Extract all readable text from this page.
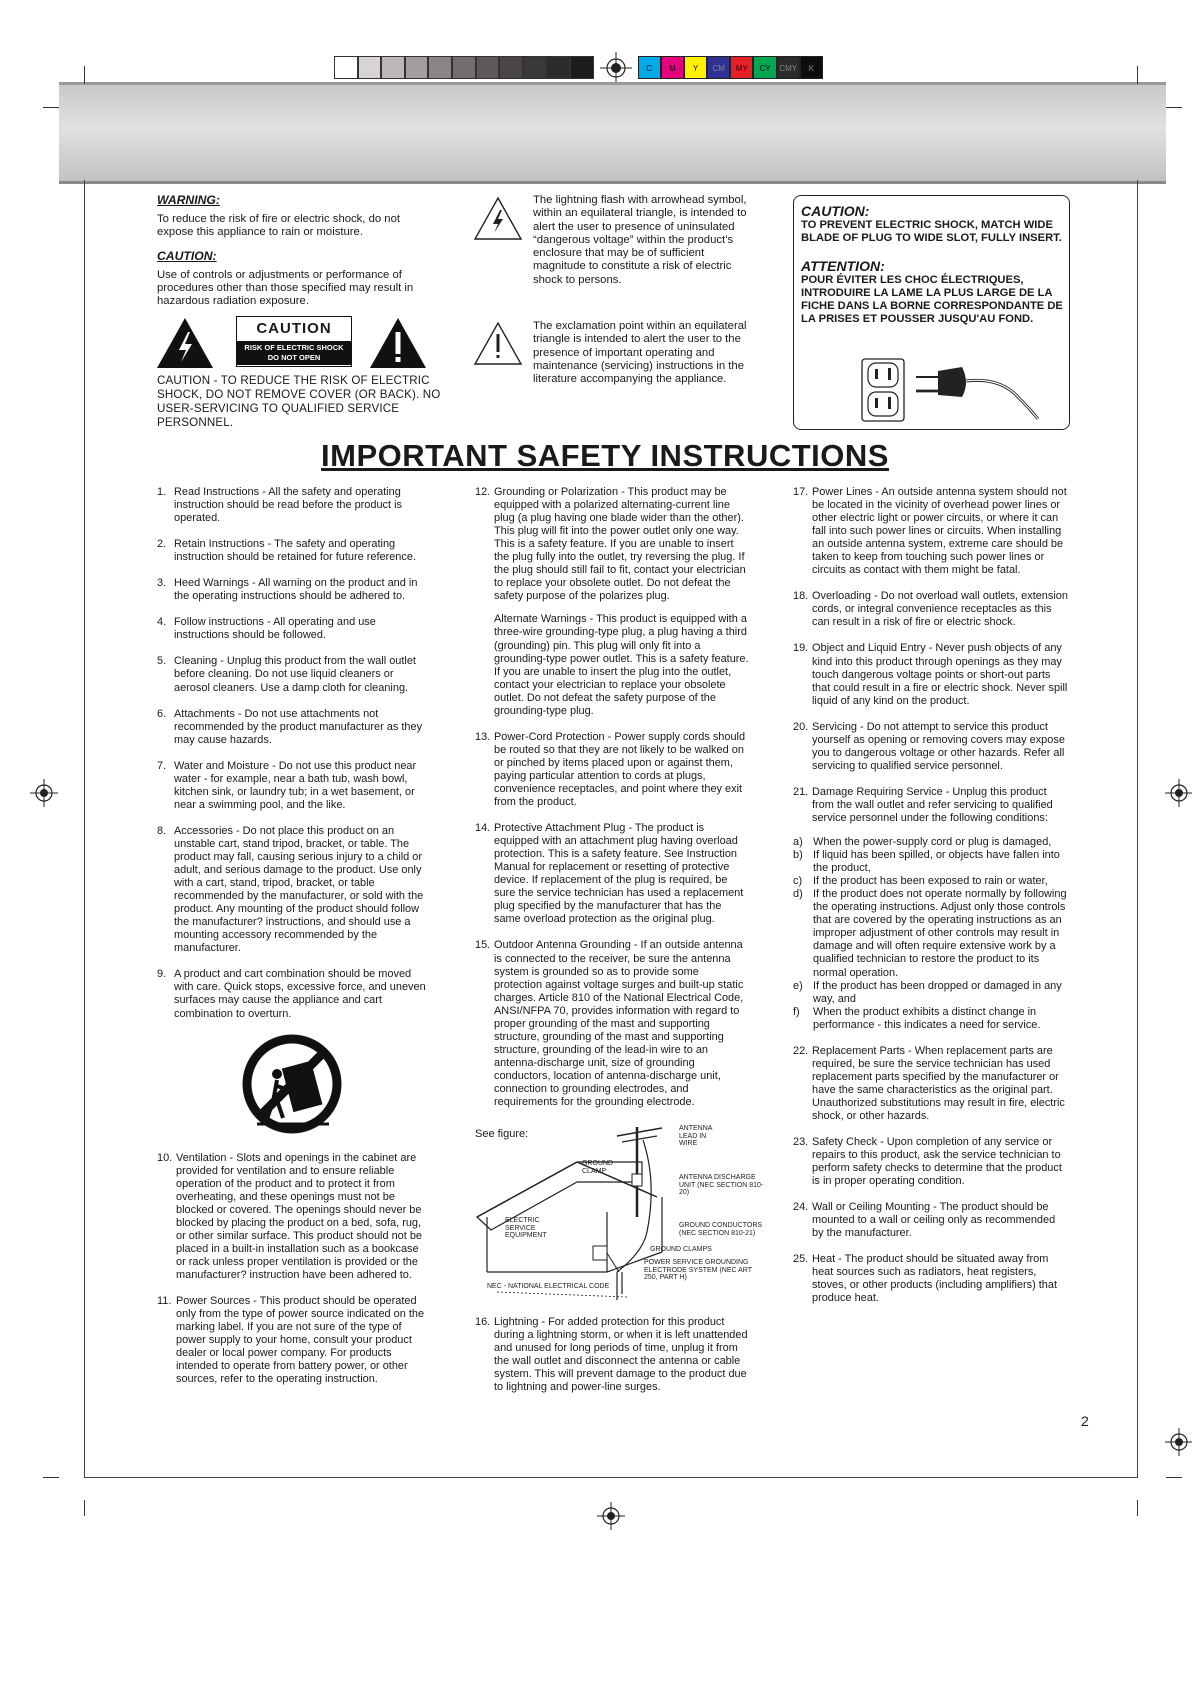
C	M	Y	CM	MY	CY	CMY	K

WARNING:

To reduce the risk of fire or electric shock, do not expose this appliance to rain or moisture.

CAUTION:

Use of controls or adjustments or performance of procedures other than those specified may result in hazardous radiation exposure.

CAUTION
RISK OF ELECTRIC SHOCK
DO NOT OPEN
CAUTION - TO REDUCE THE RISK OF ELECTRIC SHOCK, DO NOT REMOVE COVER (OR BACK). NO USER-SERVICING TO QUALIFIED SERVICE PERSONNEL.
The lightning flash with arrowhead symbol, within an equilateral triangle, is intended to alert the user to presence of uninsulated “dangerous voltage” within the product’s enclosure that may be of sufficient magnitude to constitute a risk of electric shock to persons.
The exclamation point within an equilateral triangle is intended to alert the user to the presence of important operating and maintenance (servicing) instructions in the literature accompanying the appliance.

CAUTION:

TO PREVENT ELECTRIC SHOCK, MATCH WIDE BLADE OF PLUG TO WIDE SLOT, FULLY INSERT.

ATTENTION:

POUR ÉVITER LES CHOC ÉLECTRIQUES, INTRODUIRE LA LAME LA PLUS LARGE DE LA FICHE DANS LA BORNE CORRESPONDANTE DE LA PRISES ET POUSSER JUSQU'AU FOND.

IMPORTANT SAFETY INSTRUCTIONS
1. Read Instructions - All the safety and operating instruction should be read before the product is operated.
2. Retain Instructions - The safety and operating instruction should be retained for future reference.
3. Heed Warnings - All warning on the product and in the operating instructions should be adhered to.
4. Follow instructions - All operating and use instructions should be followed.
5. Cleaning - Unplug this product from the wall outlet before cleaning. Do not use liquid cleaners or aerosol cleaners. Use a damp cloth for cleaning.
6. Attachments - Do not use attachments not recommended by the product manufacturer as they may cause hazards.
7. Water and Moisture - Do not use this product near water - for example, near a bath tub, wash bowl, kitchen sink, or laundry tub; in a wet basement, or near a swimming pool, and the like.
8. Accessories - Do not place this product on an unstable cart, stand tripod, bracket, or table. The product may fall, causing serious injury to a child or adult, and serious damage to the product. Use only with a cart, stand, tripod, bracket, or table recommended by the manufacturer, or sold with the product. Any mounting of the product should follow the manufacturer? instructions, and should use a mounting accessory recommended by the manufacturer.
9. A product and cart combination should be moved with care. Quick stops, excessive force, and uneven surfaces may cause the appliance and cart combination to overturn.
10. Ventilation - Slots and openings in the cabinet are provided for ventilation and to ensure reliable operation of the product and to protect it from overheating, and these openings must not be blocked or covered. The openings should never be blocked by placing the product on a bed, sofa, rug, or other similar surface. This product should not be placed in a built-in installation such as a bookcase or rack unless proper ventilation is provided or the manufacturer? instruction have been adhered to.
11. Power Sources - This product should be operated only from the type of power source indicated on the marking label. If you are not sure of the type of power supply to your home, consult your product dealer or local power company. For products intended to operate from battery power, or other sources, refer to the operating instruction.
12. Grounding or Polarization - This product may be equipped with a polarized alternating-current line plug (a plug having one blade wider than the other). This plug will fit into the power outlet only one way. This is a safety feature. If you are unable to insert the plug fully into the outlet, try reversing the plug. If the plug should still fail to fit, contact your electrician to replace your obsolete outlet. Do not defeat the safety purpose of the polarizes plug.
Alternate Warnings - This product is equipped with a three-wire grounding-type plug, a plug having a third (grounding) pin. This plug will only fit into a grounding-type power outlet. This is a safety feature. If you are unable to insert the plug into the outlet, contact your electrician to replace your obsolete outlet. Do not defeat the safety purpose of the grounding-type plug.
13. Power-Cord Protection - Power supply cords should be routed so that they are not likely to be walked on or pinched by items placed upon or against them, paying particular attention to cords at plugs, convenience receptacles, and point where they exit from the product.
14. Protective Attachment Plug - The product is equipped with an attachment plug having overload protection. This is a safety feature. See Instruction Manual for replacement or resetting of protective device. If replacement of the plug is required, be sure the service technician has used a replacement plug specified by the manufacturer that has the same overload protection as the original plug.
15. Outdoor Antenna Grounding - If an outside antenna is connected to the receiver, be sure the antenna system is grounded so as to provide some protection against voltage surges and built-up static charges. Article 810 of the National Electrical Code, ANSI/NFPA 70, provides information with regard to proper grounding of the mast and supporting structure, grounding of the mast and supporting structure, grounding of the lead-in wire to an antenna-discharge unit, size of grounding conductors, location of antenna-discharge unit, connection to grounding electrodes, and requirements for the grounding electrode.
See figure:	ANTENNA LEAD IN WIRE
GROUND CLAMP
ANTENNA DISCHARGE UNIT (NEC SECTION 810-20)
ELECTRIC SERVICE EQUIPMENT
GROUND CONDUCTORS (NEC SECTION 810-21)
GROUND CLAMPS
POWER SERVICE GROUNDING ELECTRODE SYSTEM (NEC ART 250, PART H)
NEC - NATIONAL ELECTRICAL CODE
16. Lightning - For added protection for this product during a lightning storm, or when it is left unattended and unused for long periods of time, unplug it from the wall outlet and disconnect the antenna or cable system. This will prevent damage to the product due to lightning and power-line surges.
17. Power Lines - An outside antenna system should not be located in the vicinity of overhead power lines or other electric light or power circuits, or where it can fall into such power lines or circuits. When installing an outside antenna system, extreme care should be taken to keep from touching such power lines or circuits as contact with them might be fatal.
18. Overloading - Do not overload wall outlets, extension cords, or integral convenience receptacles as this can result in a risk of fire or electric shock.
19. Object and Liquid Entry - Never push objects of any kind into this product through openings as they may touch dangerous voltage points or short-out parts that could result in a fire or electric shock. Never spill liquid of any kind on the product.
20. Servicing - Do not attempt to service this product yourself as opening or removing covers may expose you to dangerous voltage or other hazards. Refer all servicing to qualified service personnel.
21. Damage Requiring Service - Unplug this product from the wall outlet and refer servicing to qualified service personnel under the following conditions:
a) When the power-supply cord or plug is damaged,
b) If liquid has been spilled, or objects have fallen into the product,
c) If the product has been exposed to rain or water,
d) If the product does not operate normally by following the operating instructions. Adjust only those controls that are covered by the operating instructions as an improper adjustment of other controls may result in damage and will often require extensive work by a qualified technician to restore the product to its normal operation.
e) If the product has been dropped or damaged in any way, and
f) When the product exhibits a distinct change in performance - this indicates a need for service.
22. Replacement Parts - When replacement parts are required, be sure the service technician has used replacement parts specified by the manufacturer or have the same characteristics as the original part. Unauthorized substitutions may result in fire, electric shock, or other hazards.
23. Safety Check - Upon completion of any service or repairs to this product, ask the service technician to perform safety checks to determine that the product is in proper operating condition.
24. Wall or Ceiling Mounting - The product should be mounted to a wall or ceiling only as recommended by the manufacturer.
25. Heat - The product should be situated away from heat sources such as radiators, heat registers, stoves, or other products (including amplifiers) that produce heat.
2
